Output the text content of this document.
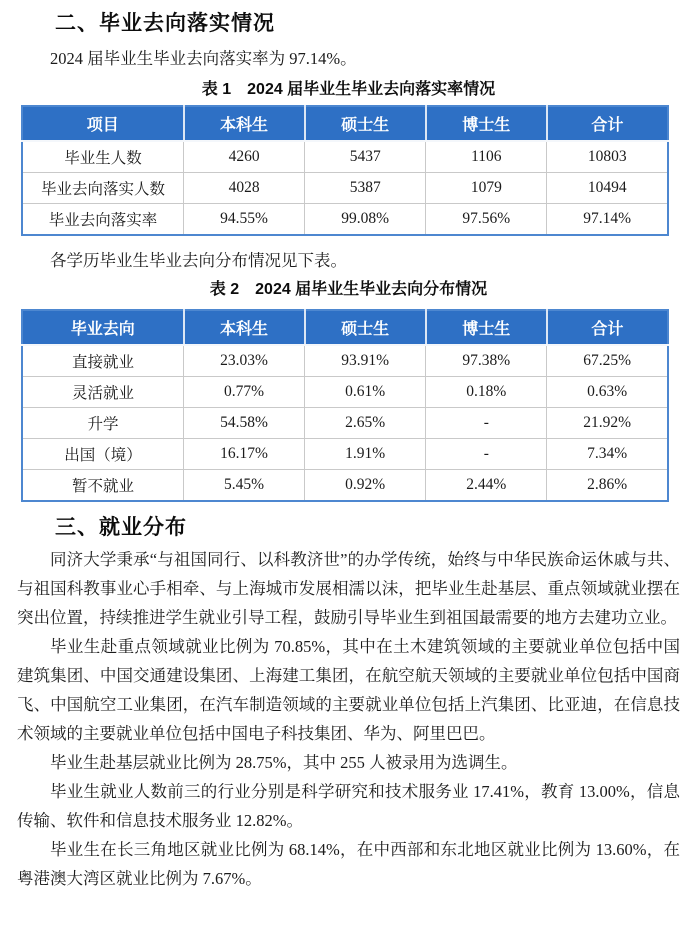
二、毕业去向落实情况

2024 届毕业生毕业去向落实率为 97.14%。

表 1　2024 届毕业生毕业去向落实率情况
项目	本科生	硕士生	博士生	合计
毕业生人数	4260	5437	1106	10803
毕业去向落实人数	4028	5387	1079	10494
毕业去向落实率	94.55%	99.08%	97.56%	97.14%

各学历毕业生毕业去向分布情况见下表。

表 2　2024 届毕业生毕业去向分布情况
毕业去向	本科生	硕士生	博士生	合计
直接就业	23.03%	93.91%	97.38%	67.25%
灵活就业	0.77%	0.61%	0.18%	0.63%
升学	54.58%	2.65%	-	21.92%
出国（境）	16.17%	1.91%	-	7.34%
暂不就业	5.45%	0.92%	2.44%	2.86%
三、就业分布

同济大学秉承“与祖国同行、以科教济世”的办学传统，始终与中华民族命运休戚与共、与祖国科教事业心手相牵、与上海城市发展相濡以沫，把毕业生赴基层、重点领域就业摆在突出位置，持续推进学生就业引导工程，鼓励引导毕业生到祖国最需要的地方去建功立业。

毕业生赴重点领域就业比例为 70.85%，其中在土木建筑领域的主要就业单位包括中国建筑集团、中国交通建设集团、上海建工集团，在航空航天领域的主要就业单位包括中国商飞、中国航空工业集团，在汽车制造领域的主要就业单位包括上汽集团、比亚迪，在信息技术领域的主要就业单位包括中国电子科技集团、华为、阿里巴巴。

毕业生赴基层就业比例为 28.75%，其中 255 人被录用为选调生。

毕业生就业人数前三的行业分别是科学研究和技术服务业 17.41%，教育 13.00%，信息传输、软件和信息技术服务业 12.82%。

毕业生在长三角地区就业比例为 68.14%，在中西部和东北地区就业比例为 13.60%，在粤港澳大湾区就业比例为 7.67%。
